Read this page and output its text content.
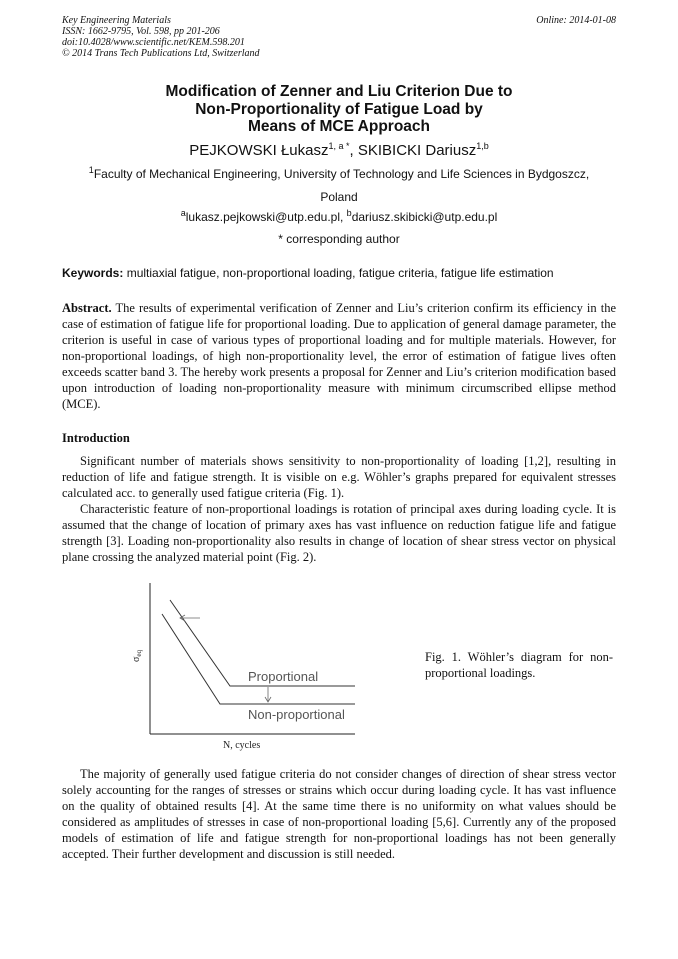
Key Engineering Materials
ISSN: 1662-9795, Vol. 598, pp 201-206
doi:10.4028/www.scientific.net/KEM.598.201
© 2014 Trans Tech Publications Ltd, Switzerland
Online: 2014-01-08
Modification of Zenner and Liu Criterion Due to
Non-Proportionality of Fatigue Load by
Means of MCE Approach
PEJKOWSKI Łukasz$^{1, a *}$, SKIBICKI Dariusz$^{1,b}$
$^1$Faculty of Mechanical Engineering, University of Technology and Life Sciences in Bydgoszcz,
Poland
$^a$lukasz.pejkowski@utp.edu.pl, $^b$dariusz.skibicki@utp.edu.pl
* corresponding author
Keywords: multiaxial fatigue, non-proportional loading, fatigue criteria, fatigue life estimation
Abstract. The results of experimental verification of Zenner and Liu’s criterion confirm its efficiency in the case of estimation of fatigue life for proportional loading. Due to application of general damage parameter, the criterion is useful in case of various types of proportional loading and for multiple materials. However, for non-proportional loadings, of high non-proportionality level, the error of estimation of fatigue lives often exceeds scatter band 3. The hereby work presents a proposal for Zenner and Liu’s criterion modification based upon introduction of loading non-proportionality measure with minimum circumscribed ellipse method (MCE).
Introduction
Significant number of materials shows sensitivity to non-proportionality of loading [1,2], resulting in reduction of life and fatigue strength. It is visible on e.g. Wöhler’s graphs prepared for equivalent stresses calculated acc. to generally used fatigue criteria (Fig. 1).
Characteristic feature of non-proportional loadings is rotation of principal axes during loading cycle. It is assumed that the change of location of primary axes has vast influence on reduction fatigue life and fatigue strength [3]. Loading non-proportionality also results in change of location of shear stress vector on physical plane crossing the analyzed material point (Fig. 2).
Proportional
Non-proportional
$\sigma_{eq}$
N, cycles
Fig. 1. Wöhler’s diagram for non-proportional loadings.
The majority of generally used fatigue criteria do not consider changes of direction of shear stress vector solely accounting for the ranges of stresses or strains which occur during loading cycle. It has vast influence on the quality of obtained results [4]. At the same time there is no uniformity on what values should be considered as amplitudes of stresses in case of non-proportional loading [5,6]. Currently any of the proposed models of estimation of life and fatigue strength for non-proportional loadings has not been generally accepted. Their further development and discussion is still needed.
